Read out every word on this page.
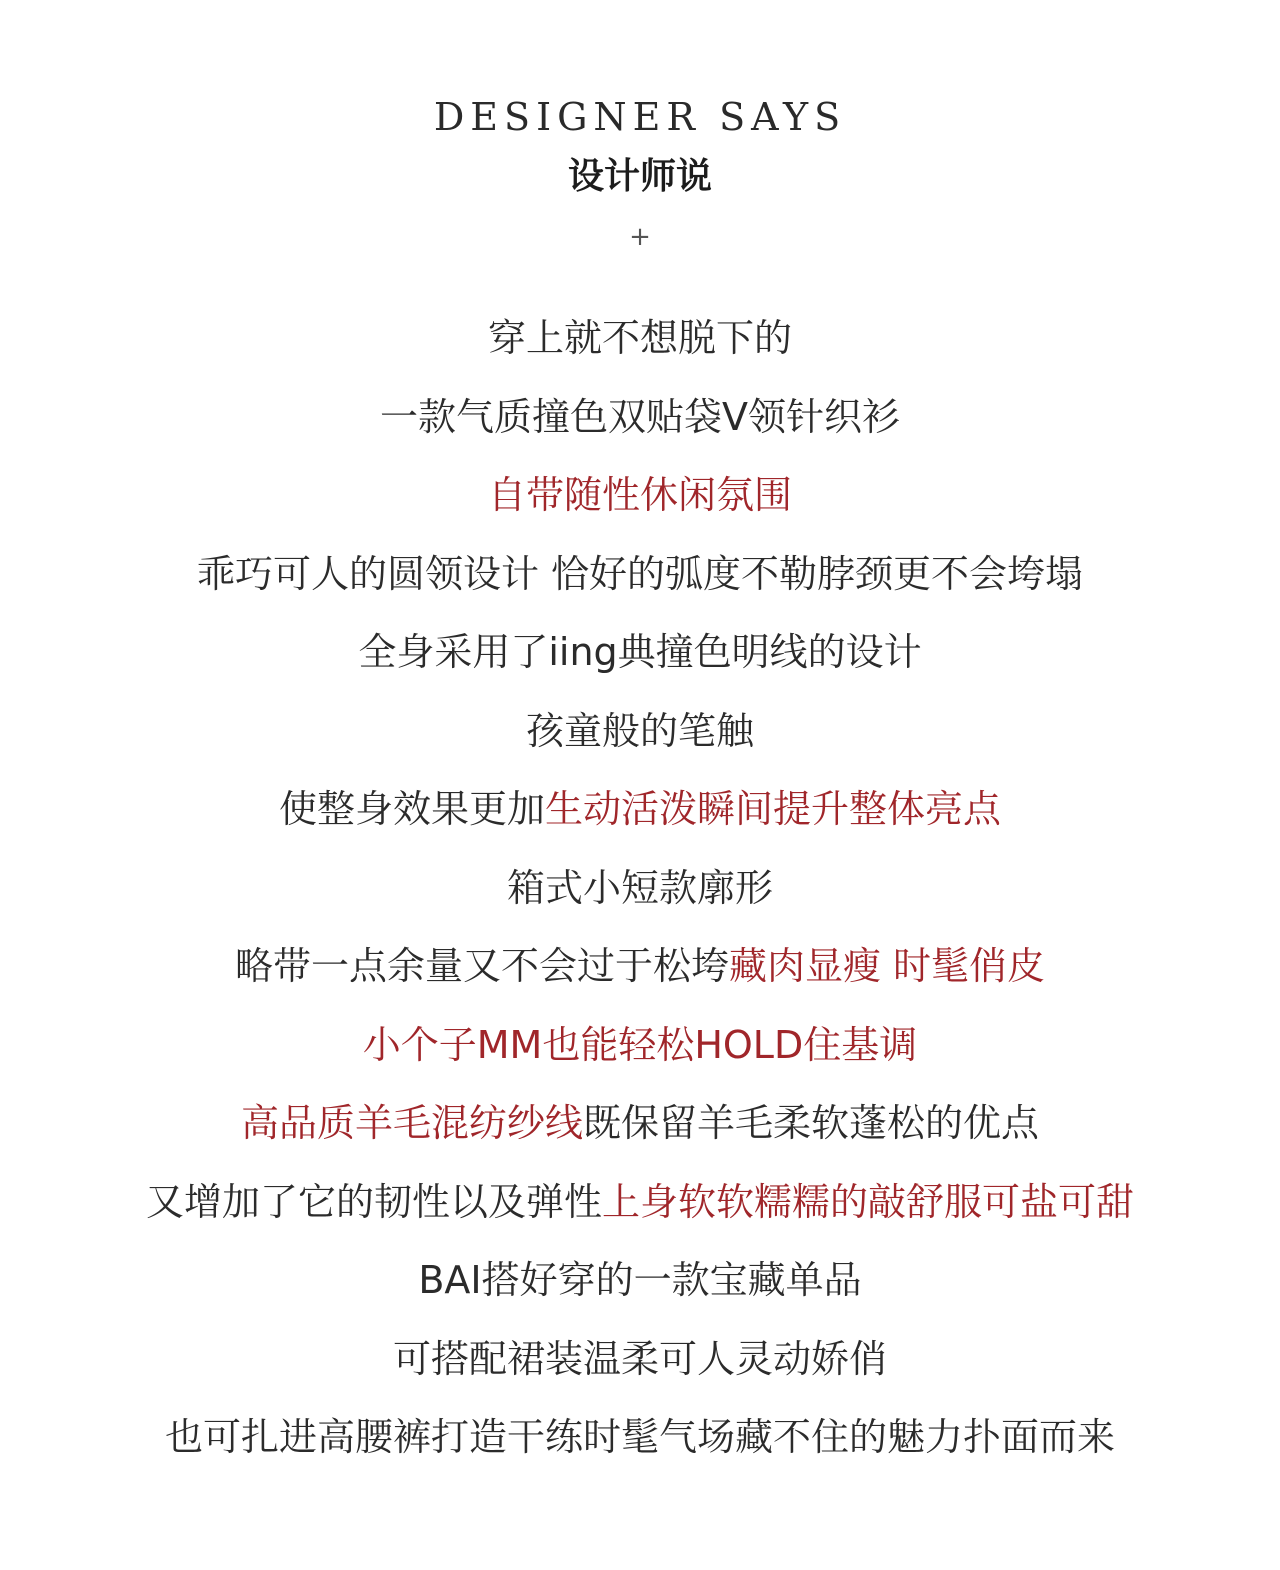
DESIGNER SAYS
设计师说
+
穿上就不想脱下的
一款气质撞色双贴袋V领针织衫
自带随性休闲氛围
乖巧可人的圆领设计 恰好的弧度不勒脖颈更不会垮塌
全身采用了iing典撞色明线的设计
孩童般的笔触
使整身效果更加生动活泼瞬间提升整体亮点
箱式小短款廓形
略带一点余量又不会过于松垮藏肉显瘦 时髦俏皮
小个子MM也能轻松HOLD住基调
高品质羊毛混纺纱线既保留羊毛柔软蓬松的优点
又增加了它的韧性以及弹性上身软软糯糯的敲舒服可盐可甜
BAI搭好穿的一款宝藏单品
可搭配裙装温柔可人灵动娇俏
也可扎进高腰裤打造干练时髦气场藏不住的魅力扑面而来
